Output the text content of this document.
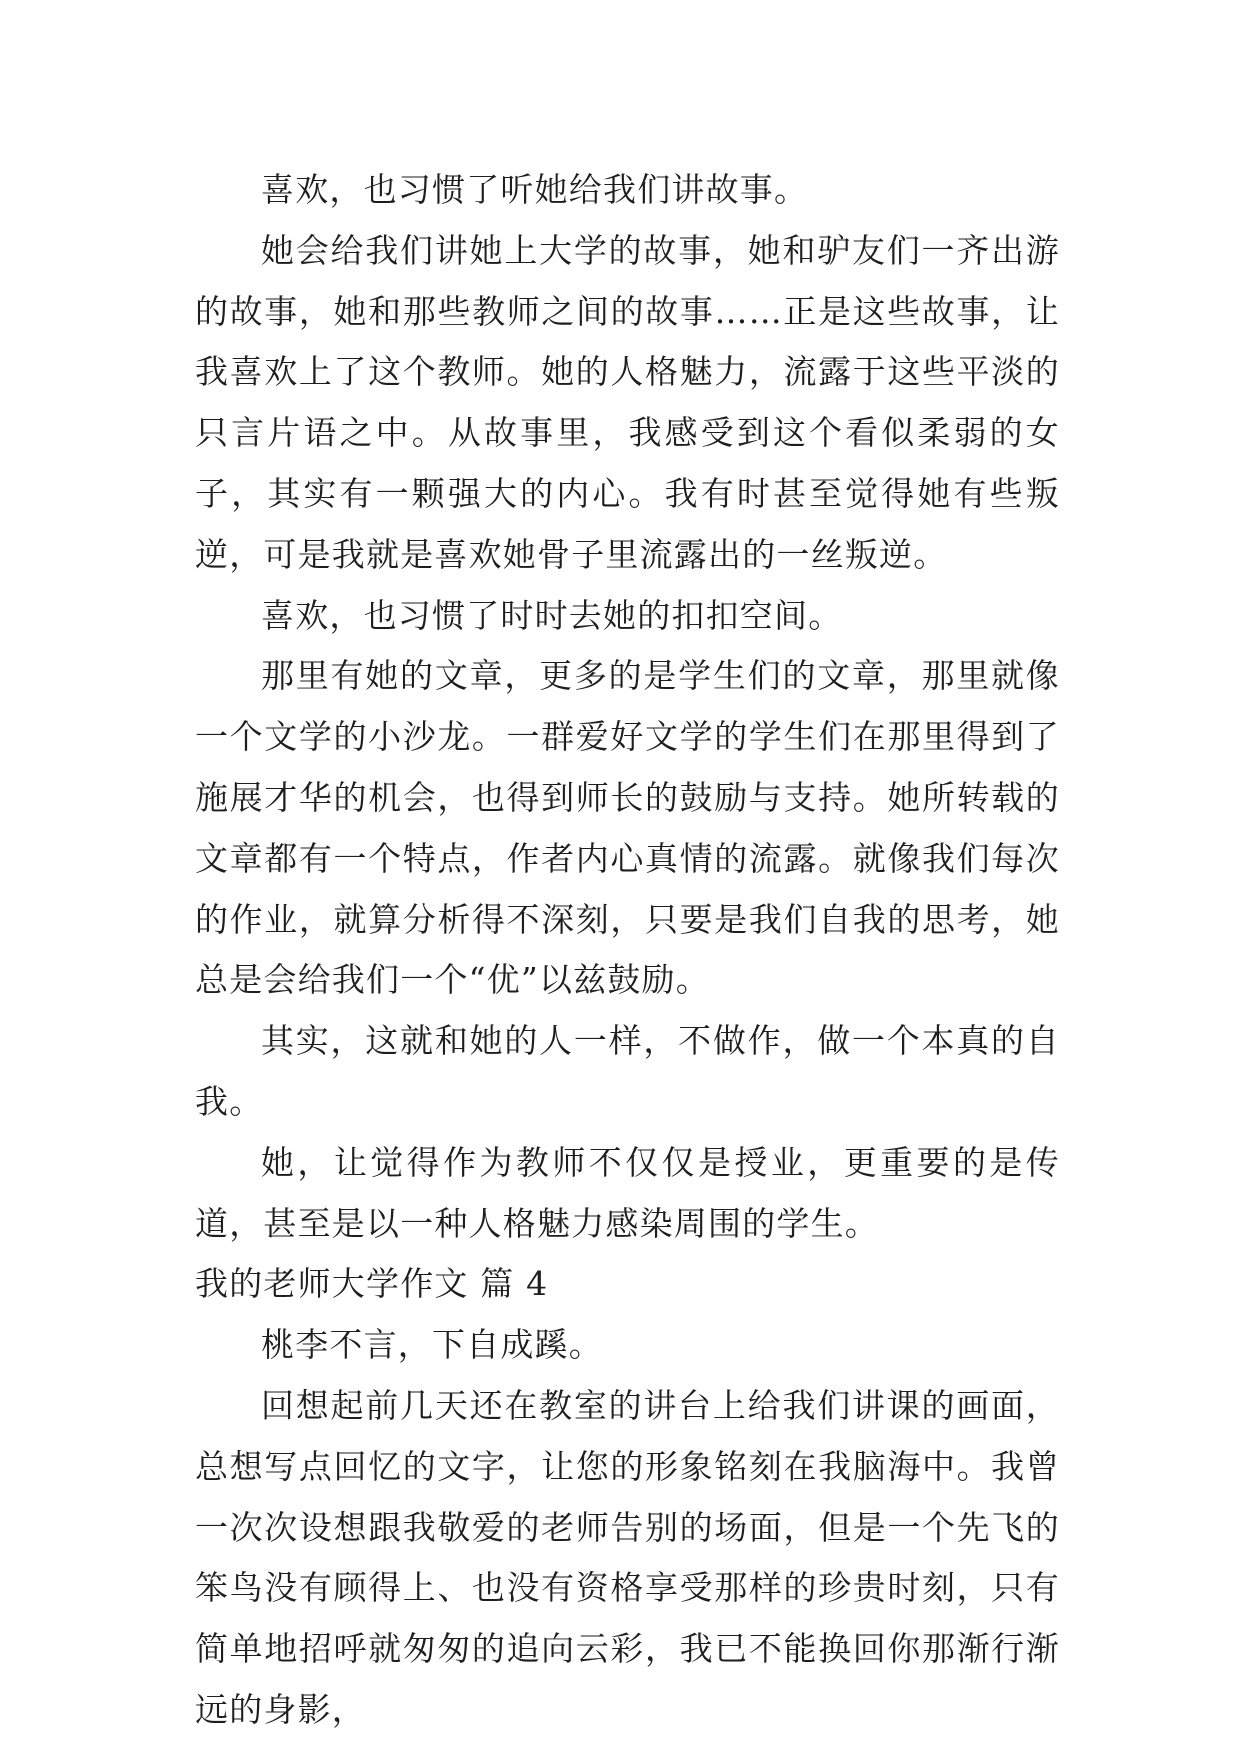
喜欢，也习惯了听她给我们讲故事。

她会给我们讲她上大学的故事，她和驴友们一齐出游的故事，她和那些教师之间的故事……正是这些故事，让我喜欢上了这个教师。她的人格魅力，流露于这些平淡的只言片语之中。从故事里，我感受到这个看似柔弱的女子，其实有一颗强大的内心。我有时甚至觉得她有些叛逆，可是我就是喜欢她骨子里流露出的一丝叛逆。

喜欢，也习惯了时时去她的扣扣空间。

那里有她的文章，更多的是学生们的文章，那里就像一个文学的小沙龙。一群爱好文学的学生们在那里得到了施展才华的机会，也得到师长的鼓励与支持。她所转载的文章都有一个特点，作者内心真情的流露。就像我们每次的作业，就算分析得不深刻，只要是我们自我的思考，她总是会给我们一个“优”以兹鼓励。

其实，这就和她的人一样，不做作，做一个本真的自我。

她，让觉得作为教师不仅仅是授业，更重要的是传道，甚至是以一种人格魅力感染周围的学生。

我的老师大学作文 篇 4

桃李不言，下自成蹊。

回想起前几天还在教室的讲台上给我们讲课的画面，总想写点回忆的文字，让您的形象铭刻在我脑海中。我曾一次次设想跟我敬爱的老师告别的场面，但是一个先飞的笨鸟没有顾得上、也没有资格享受那样的珍贵时刻，只有简单地招呼就匆匆的追向云彩，我已不能换回你那渐行渐远的身影，
